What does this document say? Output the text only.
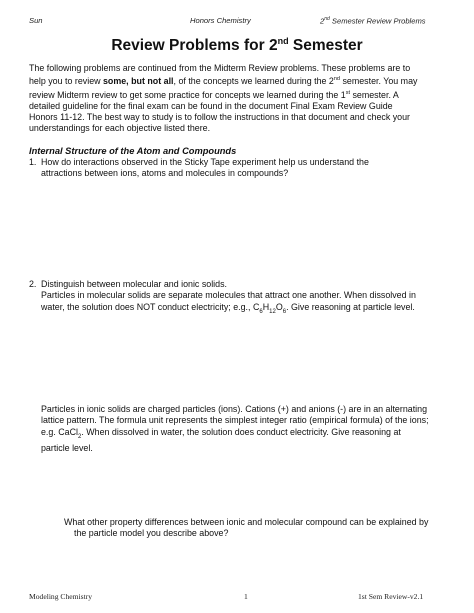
Sun	Honors Chemistry	2nd Semester Review Problems
Review Problems for 2nd Semester
The following problems are continued from the Midterm Review problems. These problems are to help you to review some, but not all, of the concepts we learned during the 2nd semester. You may review Midterm review to get some practice for concepts we learned during the 1st semester. A detailed guideline for the final exam can be found in the document Final Exam Review Guide Honors 11-12. The best way to study is to follow the instructions in that document and check your understandings for each objective listed there.
Internal Structure of the Atom and Compounds
1. How do interactions observed in the Sticky Tape experiment help us understand the attractions between ions, atoms and molecules in compounds?
2. Distinguish between molecular and ionic solids.
Particles in molecular solids are separate molecules that attract one another. When dissolved in water, the solution does NOT conduct electricity; e.g., $C_6H_{12}O_6$. Give reasoning at particle level.
Particles in ionic solids are charged particles (ions). Cations (+) and anions (-) are in an alternating lattice pattern. The formula unit represents the simplest integer ratio (empirical formula) of the ions; e.g. CaCl$_2$. When dissolved in water, the solution does conduct electricity. Give reasoning at particle level.
What other property differences between ionic and molecular compound can be explained by the particle model you describe above?
Modeling Chemistry	1	1st Sem Review-v2.1
